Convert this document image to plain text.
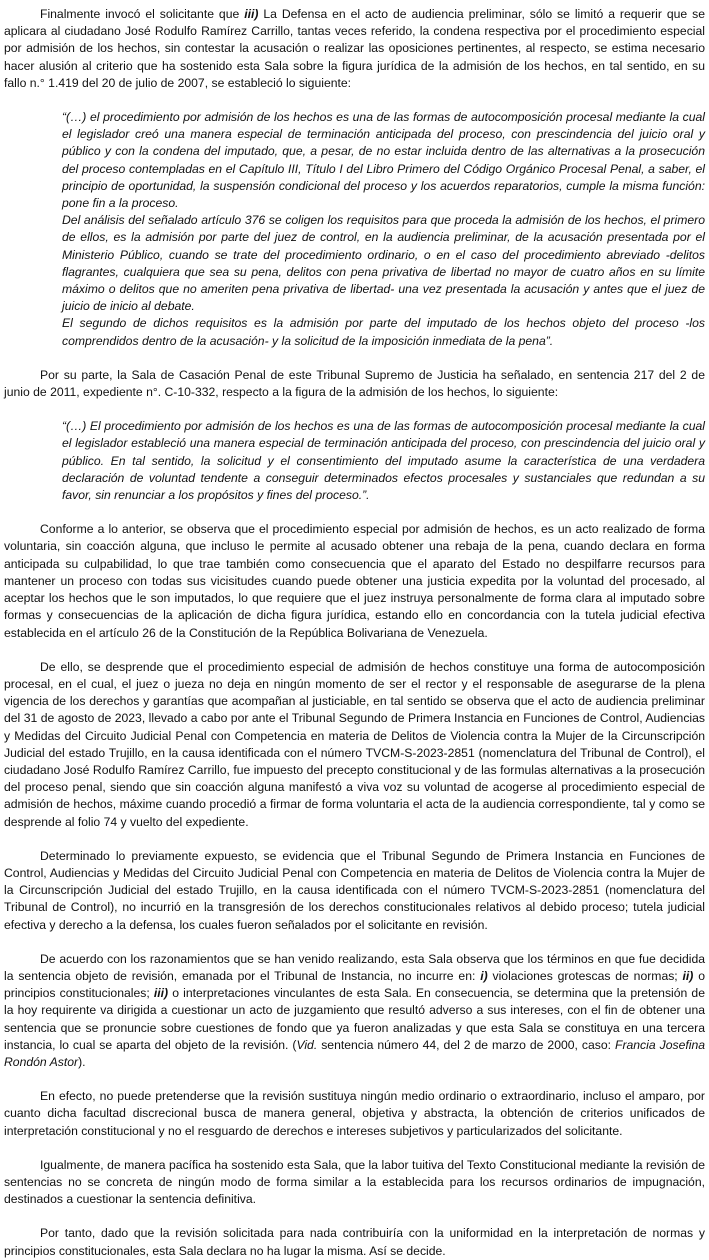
Finalmente invocó el solicitante que iii) La Defensa en el acto de audiencia preliminar, sólo se limitó a requerir que se aplicara al ciudadano José Rodulfo Ramírez Carrillo, tantas veces referido, la condena respectiva por el procedimiento especial por admisión de los hechos, sin contestar la acusación o realizar las oposiciones pertinentes, al respecto, se estima necesario hacer alusión al criterio que ha sostenido esta Sala sobre la figura jurídica de la admisión de los hechos, en tal sentido, en su fallo n.° 1.419 del 20 de julio de 2007, se estableció lo siguiente:

“(…) el procedimiento por admisión de los hechos es una de las formas de autocomposición procesal mediante la cual el legislador creó una manera especial de terminación anticipada del proceso, con prescindencia del juicio oral y público y con la condena del imputado, que, a pesar, de no estar incluida dentro de las alternativas a la prosecución del proceso contempladas en el Capítulo III, Título I del Libro Primero del Código Orgánico Procesal Penal, a saber, el principio de oportunidad, la suspensión condicional del proceso y los acuerdos reparatorios, cumple la misma función: pone fin a la proceso.

Del análisis del señalado artículo 376 se coligen los requisitos para que proceda la admisión de los hechos, el primero de ellos, es la admisión por parte del juez de control, en la audiencia preliminar, de la acusación presentada por el Ministerio Público, cuando se trate del procedimiento ordinario, o en el caso del procedimiento abreviado -delitos flagrantes, cualquiera que sea su pena, delitos con pena privativa de libertad no mayor de cuatro años en su límite máximo o delitos que no ameriten pena privativa de libertad- una vez presentada la acusación y antes que el juez de juicio de inicio al debate.

El segundo de dichos requisitos es la admisión por parte del imputado de los hechos objeto del proceso -los comprendidos dentro de la acusación- y la solicitud de la imposición inmediata de la pena”.

Por su parte, la Sala de Casación Penal de este Tribunal Supremo de Justicia ha señalado, en sentencia 217 del 2 de junio de 2011, expediente n°. C-10-332, respecto a la figura de la admisión de los hechos, lo siguiente:

“(…) El procedimiento por admisión de los hechos es una de las formas de autocomposición procesal mediante la cual el legislador estableció una manera especial de terminación anticipada del proceso, con prescindencia del juicio oral y público. En tal sentido, la solicitud y el consentimiento del imputado asume la característica de una verdadera declaración de voluntad tendente a conseguir determinados efectos procesales y sustanciales que redundan a su favor, sin renunciar a los propósitos y fines del proceso.”.

Conforme a lo anterior, se observa que el procedimiento especial por admisión de hechos, es un acto realizado de forma voluntaria, sin coacción alguna, que incluso le permite al acusado obtener una rebaja de la pena, cuando declara en forma anticipada su culpabilidad, lo que trae también como consecuencia que el aparato del Estado no despilfarre recursos para mantener un proceso con todas sus vicisitudes cuando puede obtener una justicia expedita por la voluntad del procesado, al aceptar los hechos que le son imputados, lo que requiere que el juez instruya personalmente de forma clara al imputado sobre formas y consecuencias de la aplicación de dicha figura jurídica, estando ello en concordancia con la tutela judicial efectiva establecida en el artículo 26 de la Constitución de la República Bolivariana de Venezuela.

De ello, se desprende que el procedimiento especial de admisión de hechos constituye una forma de autocomposición procesal, en el cual, el juez o jueza no deja en ningún momento de ser el rector y el responsable de asegurarse de la plena vigencia de los derechos y garantías que acompañan al justiciable, en tal sentido se observa que el acto de audiencia preliminar del 31 de agosto de 2023, llevado a cabo por ante el Tribunal Segundo de Primera Instancia en Funciones de Control, Audiencias y Medidas del Circuito Judicial Penal con Competencia en materia de Delitos de Violencia contra la Mujer de la Circunscripción Judicial del estado Trujillo, en la causa identificada con el número TVCM-S-2023-2851 (nomenclatura del Tribunal de Control), el ciudadano José Rodulfo Ramírez Carrillo, fue impuesto del precepto constitucional y de las formulas alternativas a la prosecución del proceso penal, siendo que sin coacción alguna manifestó a viva voz su voluntad de acogerse al procedimiento especial de admisión de hechos, máxime cuando procedió a firmar de forma voluntaria el acta de la audiencia correspondiente, tal y como se desprende al folio 74 y vuelto del expediente.

Determinado lo previamente expuesto, se evidencia que el Tribunal Segundo de Primera Instancia en Funciones de Control, Audiencias y Medidas del Circuito Judicial Penal con Competencia en materia de Delitos de Violencia contra la Mujer de la Circunscripción Judicial del estado Trujillo, en la causa identificada con el número TVCM-S-2023-2851 (nomenclatura del Tribunal de Control), no incurrió en la transgresión de los derechos constitucionales relativos al debido proceso; tutela judicial efectiva y derecho a la defensa, los cuales fueron señalados por el solicitante en revisión.

De acuerdo con los razonamientos que se han venido realizando, esta Sala observa que los términos en que fue decidida la sentencia objeto de revisión, emanada por el Tribunal de Instancia, no incurre en: i) violaciones grotescas de normas; ii) o principios constitucionales; iii) o interpretaciones vinculantes de esta Sala. En consecuencia, se determina que la pretensión de la hoy requirente va dirigida a cuestionar un acto de juzgamiento que resultó adverso a sus intereses, con el fin de obtener una sentencia que se pronuncie sobre cuestiones de fondo que ya fueron analizadas y que esta Sala se constituya en una tercera instancia, lo cual se aparta del objeto de la revisión. (Vid. sentencia número 44, del 2 de marzo de 2000, caso: Francia Josefina Rondón Astor).

En efecto, no puede pretenderse que la revisión sustituya ningún medio ordinario o extraordinario, incluso el amparo, por cuanto dicha facultad discrecional busca de manera general, objetiva y abstracta, la obtención de criterios unificados de interpretación constitucional y no el resguardo de derechos e intereses subjetivos y particularizados del solicitante.

Igualmente, de manera pacífica ha sostenido esta Sala, que la labor tuitiva del Texto Constitucional mediante la revisión de sentencias no se concreta de ningún modo de forma similar a la establecida para los recursos ordinarios de impugnación, destinados a cuestionar la sentencia definitiva.

Por tanto, dado que la revisión solicitada para nada contribuiría con la uniformidad en la interpretación de normas y principios constitucionales, esta Sala declara no ha lugar la misma. Así se decide.
